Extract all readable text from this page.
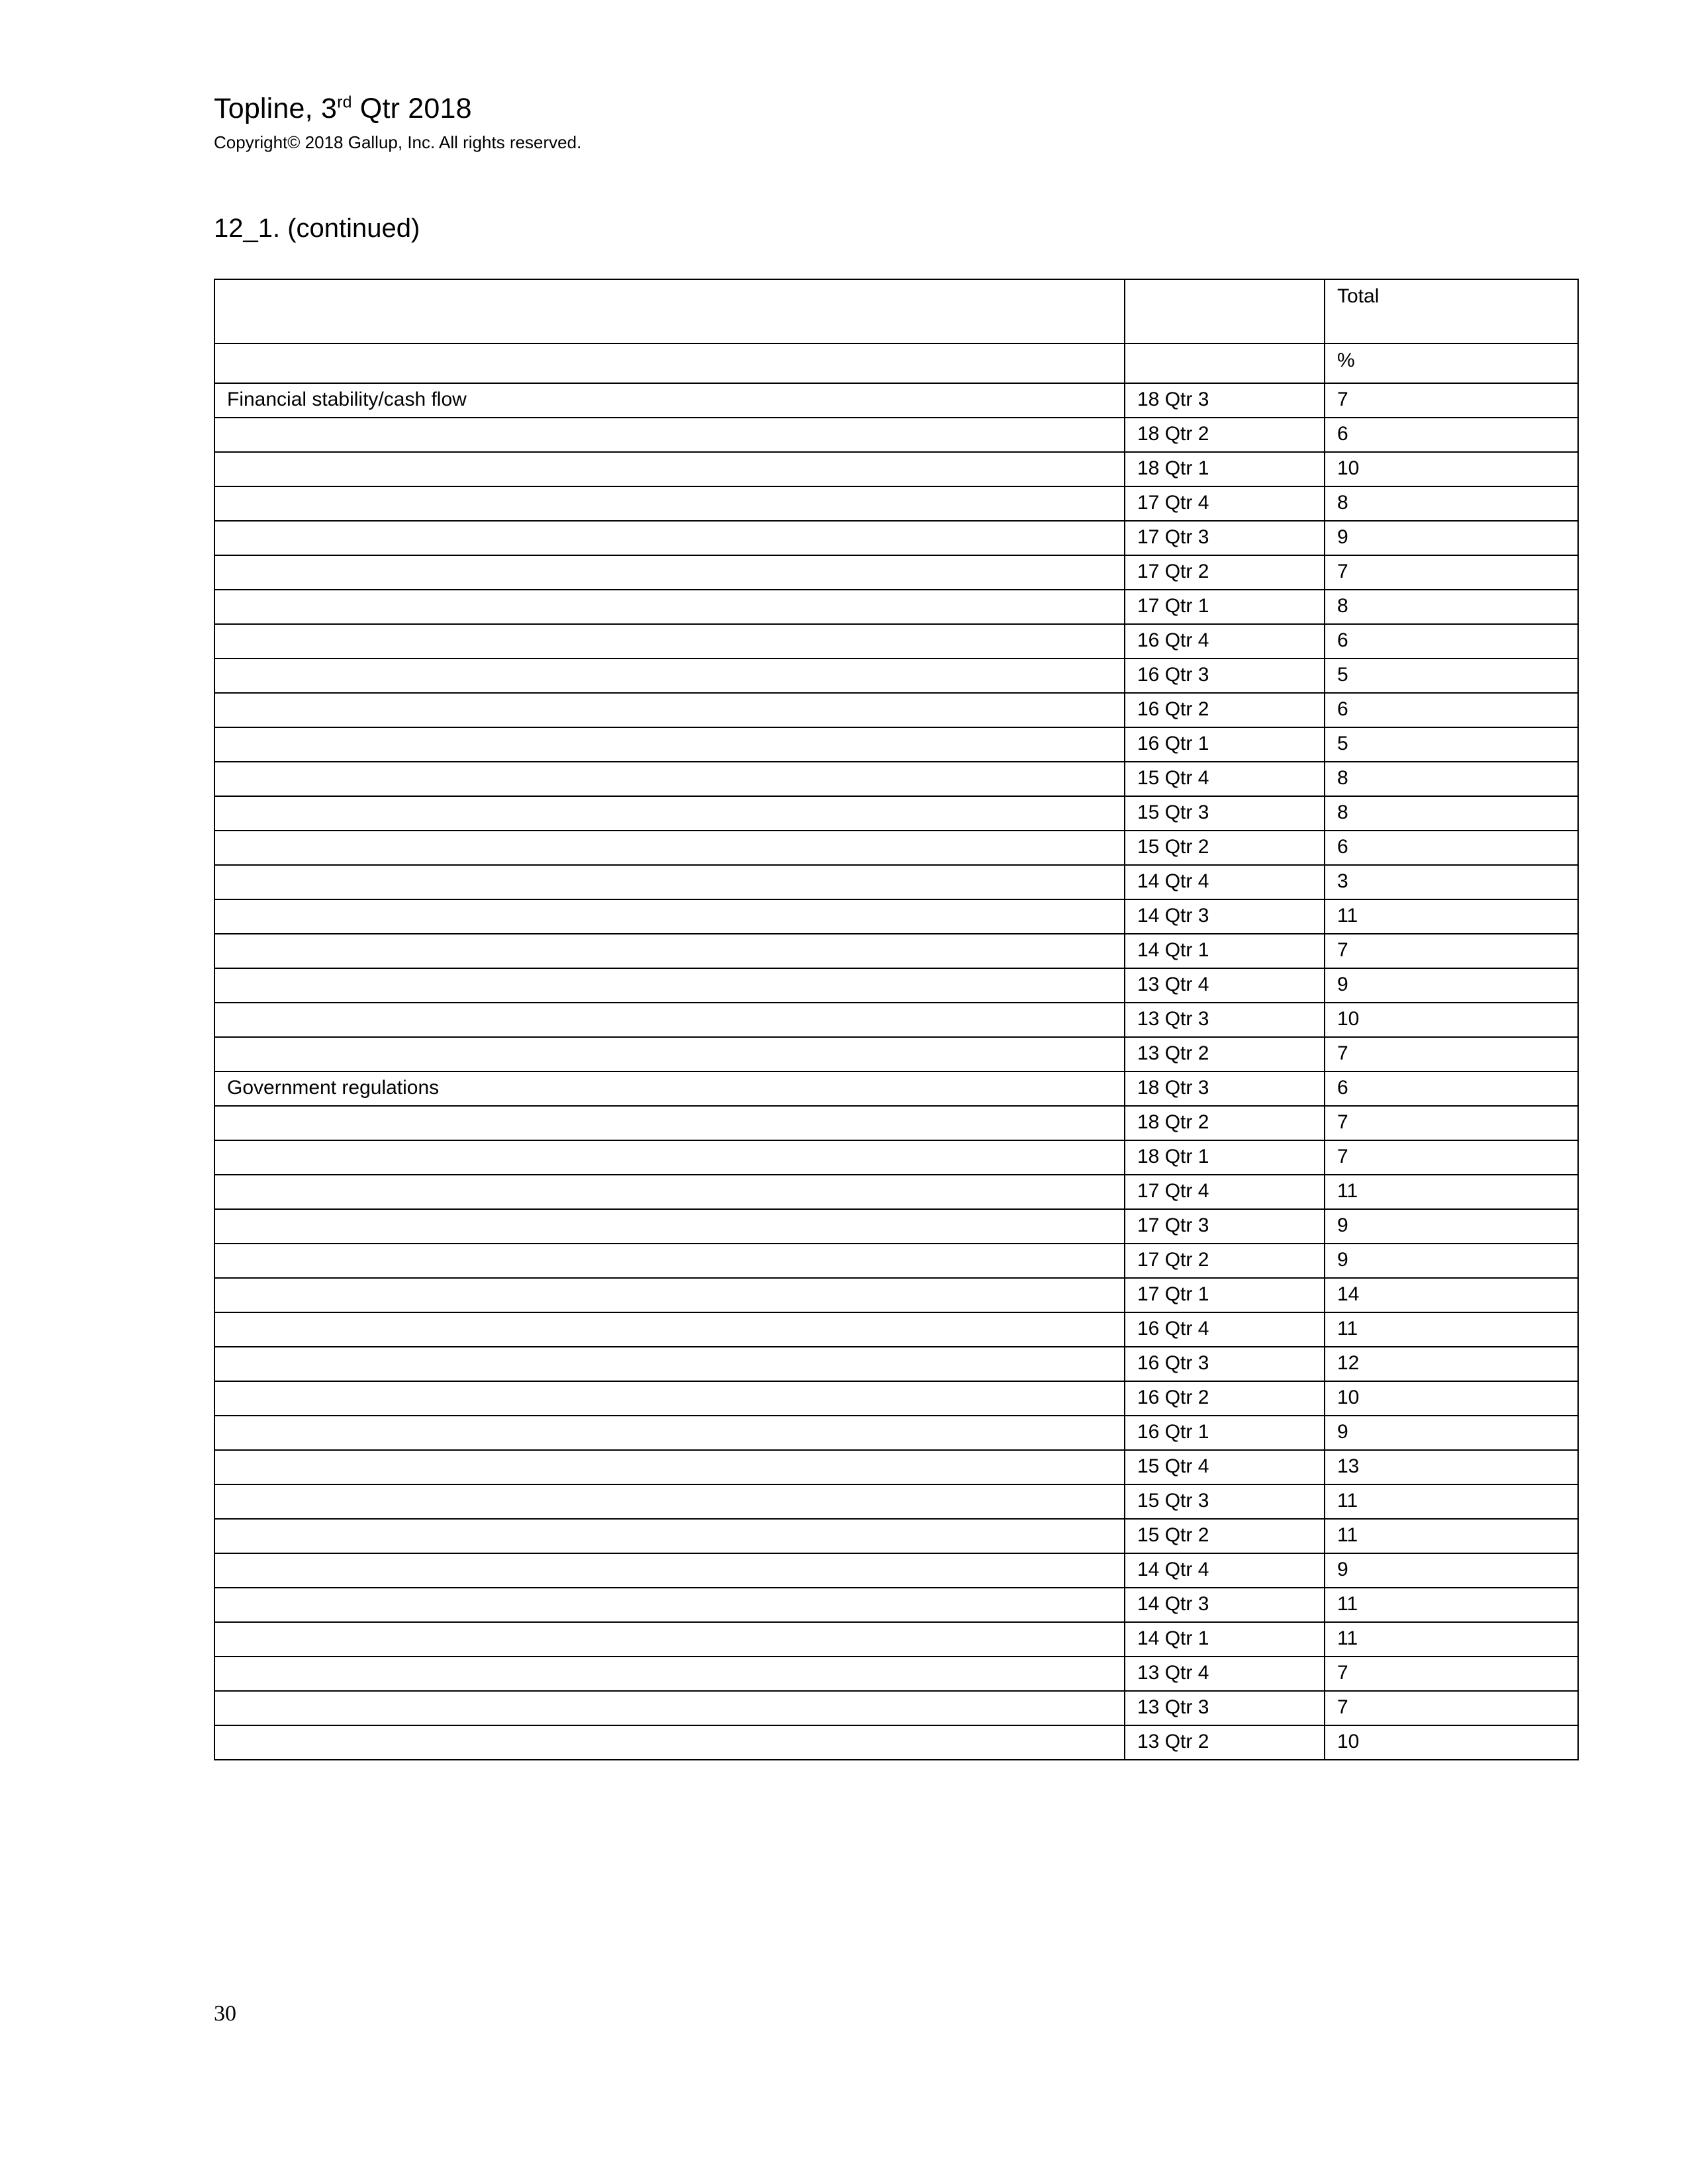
Topline, 3rd Qtr 2018
Copyright© 2018 Gallup, Inc. All rights reserved.
12_1. (continued)
		Total
		%
Financial stability/cash flow	18 Qtr 3	7
	18 Qtr 2	6
	18 Qtr 1	10
	17 Qtr 4	8
	17 Qtr 3	9
	17 Qtr 2	7
	17 Qtr 1	8
	16 Qtr 4	6
	16 Qtr 3	5
	16 Qtr 2	6
	16 Qtr 1	5
	15 Qtr 4	8
	15 Qtr 3	8
	15 Qtr 2	6
	14 Qtr 4	3
	14 Qtr 3	11
	14 Qtr 1	7
	13 Qtr 4	9
	13 Qtr 3	10
	13 Qtr 2	7
Government regulations	18 Qtr 3	6
	18 Qtr 2	7
	18 Qtr 1	7
	17 Qtr 4	11
	17 Qtr 3	9
	17 Qtr 2	9
	17 Qtr 1	14
	16 Qtr 4	11
	16 Qtr 3	12
	16 Qtr 2	10
	16 Qtr 1	9
	15 Qtr 4	13
	15 Qtr 3	11
	15 Qtr 2	11
	14 Qtr 4	9
	14 Qtr 3	11
	14 Qtr 1	11
	13 Qtr 4	7
	13 Qtr 3	7
	13 Qtr 2	10
30
